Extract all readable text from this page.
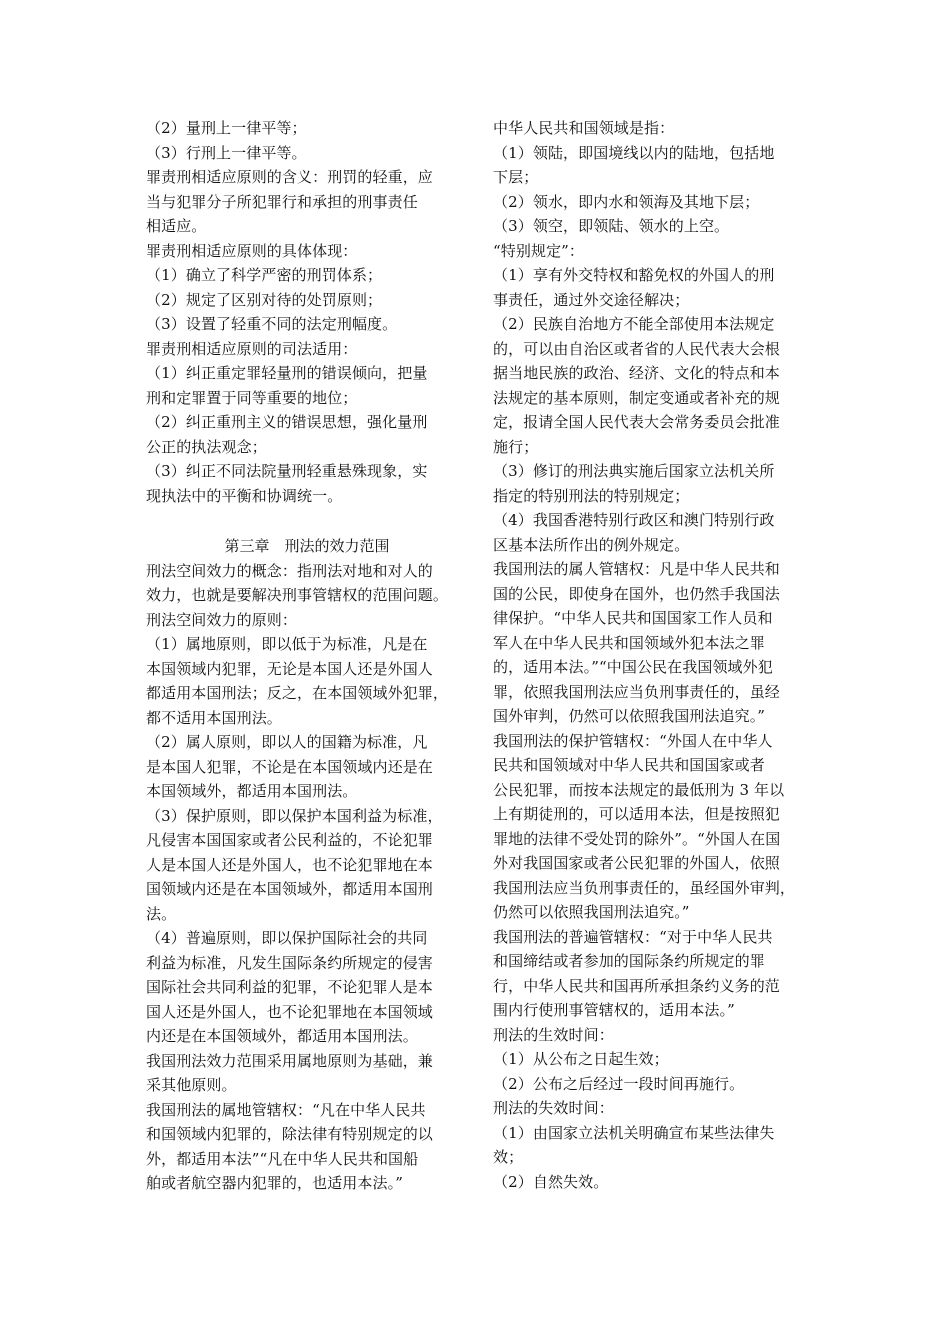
（2）量刑上一律平等；

（3）行刑上一律平等。

罪责刑相适应原则的含义：刑罚的轻重，应
当与犯罪分子所犯罪行和承担的刑事责任
相适应。

罪责刑相适应原则的具体体现：

（1）确立了科学严密的刑罚体系；

（2）规定了区别对待的处罚原则；

（3）设置了轻重不同的法定刑幅度。

罪责刑相适应原则的司法适用：

（1）纠正重定罪轻量刑的错误倾向，把量
刑和定罪置于同等重要的地位；

（2）纠正重刑主义的错误思想，强化量刑
公正的执法观念；

（3）纠正不同法院量刑轻重悬殊现象，实
现执法中的平衡和协调统一。

第三章　刑法的效力范围

刑法空间效力的概念：指刑法对地和对人的
效力，也就是要解决刑事管辖权的范围问题。

刑法空间效力的原则：

（1）属地原则，即以低于为标准，凡是在
本国领域内犯罪，无论是本国人还是外国人
都适用本国刑法；反之，在本国领域外犯罪，
都不适用本国刑法。

（2）属人原则，即以人的国籍为标准，凡
是本国人犯罪，不论是在本国领域内还是在
本国领域外，都适用本国刑法。

（3）保护原则，即以保护本国利益为标准，
凡侵害本国国家或者公民利益的，不论犯罪
人是本国人还是外国人，也不论犯罪地在本
国领域内还是在本国领域外，都适用本国刑
法。

（4）普遍原则，即以保护国际社会的共同
利益为标准，凡发生国际条约所规定的侵害
国际社会共同利益的犯罪，不论犯罪人是本
国人还是外国人，也不论犯罪地在本国领域
内还是在本国领域外，都适用本国刑法。

我国刑法效力范围采用属地原则为基础，兼
采其他原则。

我国刑法的属地管辖权：“凡在中华人民共
和国领域内犯罪的，除法律有特别规定的以
外，都适用本法”“凡在中华人民共和国船
舶或者航空器内犯罪的，也适用本法。”

中华人民共和国领域是指：

（1）领陆，即国境线以内的陆地，包括地
下层；

（2）领水，即内水和领海及其地下层；

（3）领空，即领陆、领水的上空。

“特别规定”：

（1）享有外交特权和豁免权的外国人的刑
事责任，通过外交途径解决；

（2）民族自治地方不能全部使用本法规定
的，可以由自治区或者省的人民代表大会根
据当地民族的政治、经济、文化的特点和本
法规定的基本原则，制定变通或者补充的规
定，报请全国人民代表大会常务委员会批准
施行；

（3）修订的刑法典实施后国家立法机关所
指定的特别刑法的特别规定；

（4）我国香港特别行政区和澳门特别行政
区基本法所作出的例外规定。

我国刑法的属人管辖权：凡是中华人民共和
国的公民，即使身在国外，也仍然手我国法
律保护。“中华人民共和国国家工作人员和
军人在中华人民共和国领域外犯本法之罪
的，适用本法。”“中国公民在我国领域外犯
罪，依照我国刑法应当负刑事责任的，虽经
国外审判，仍然可以依照我国刑法追究。”

我国刑法的保护管辖权：“外国人在中华人
民共和国领域对中华人民共和国国家或者
公民犯罪，而按本法规定的最低刑为 3 年以
上有期徒刑的，可以适用本法，但是按照犯
罪地的法律不受处罚的除外”。“外国人在国
外对我国国家或者公民犯罪的外国人，依照
我国刑法应当负刑事责任的，虽经国外审判，
仍然可以依照我国刑法追究。”

我国刑法的普遍管辖权：“对于中华人民共
和国缔结或者参加的国际条约所规定的罪
行，中华人民共和国再所承担条约义务的范
围内行使刑事管辖权的，适用本法。”

刑法的生效时间：

（1）从公布之日起生效；

（2）公布之后经过一段时间再施行。

刑法的失效时间：

（1）由国家立法机关明确宣布某些法律失
效；

（2）自然失效。
